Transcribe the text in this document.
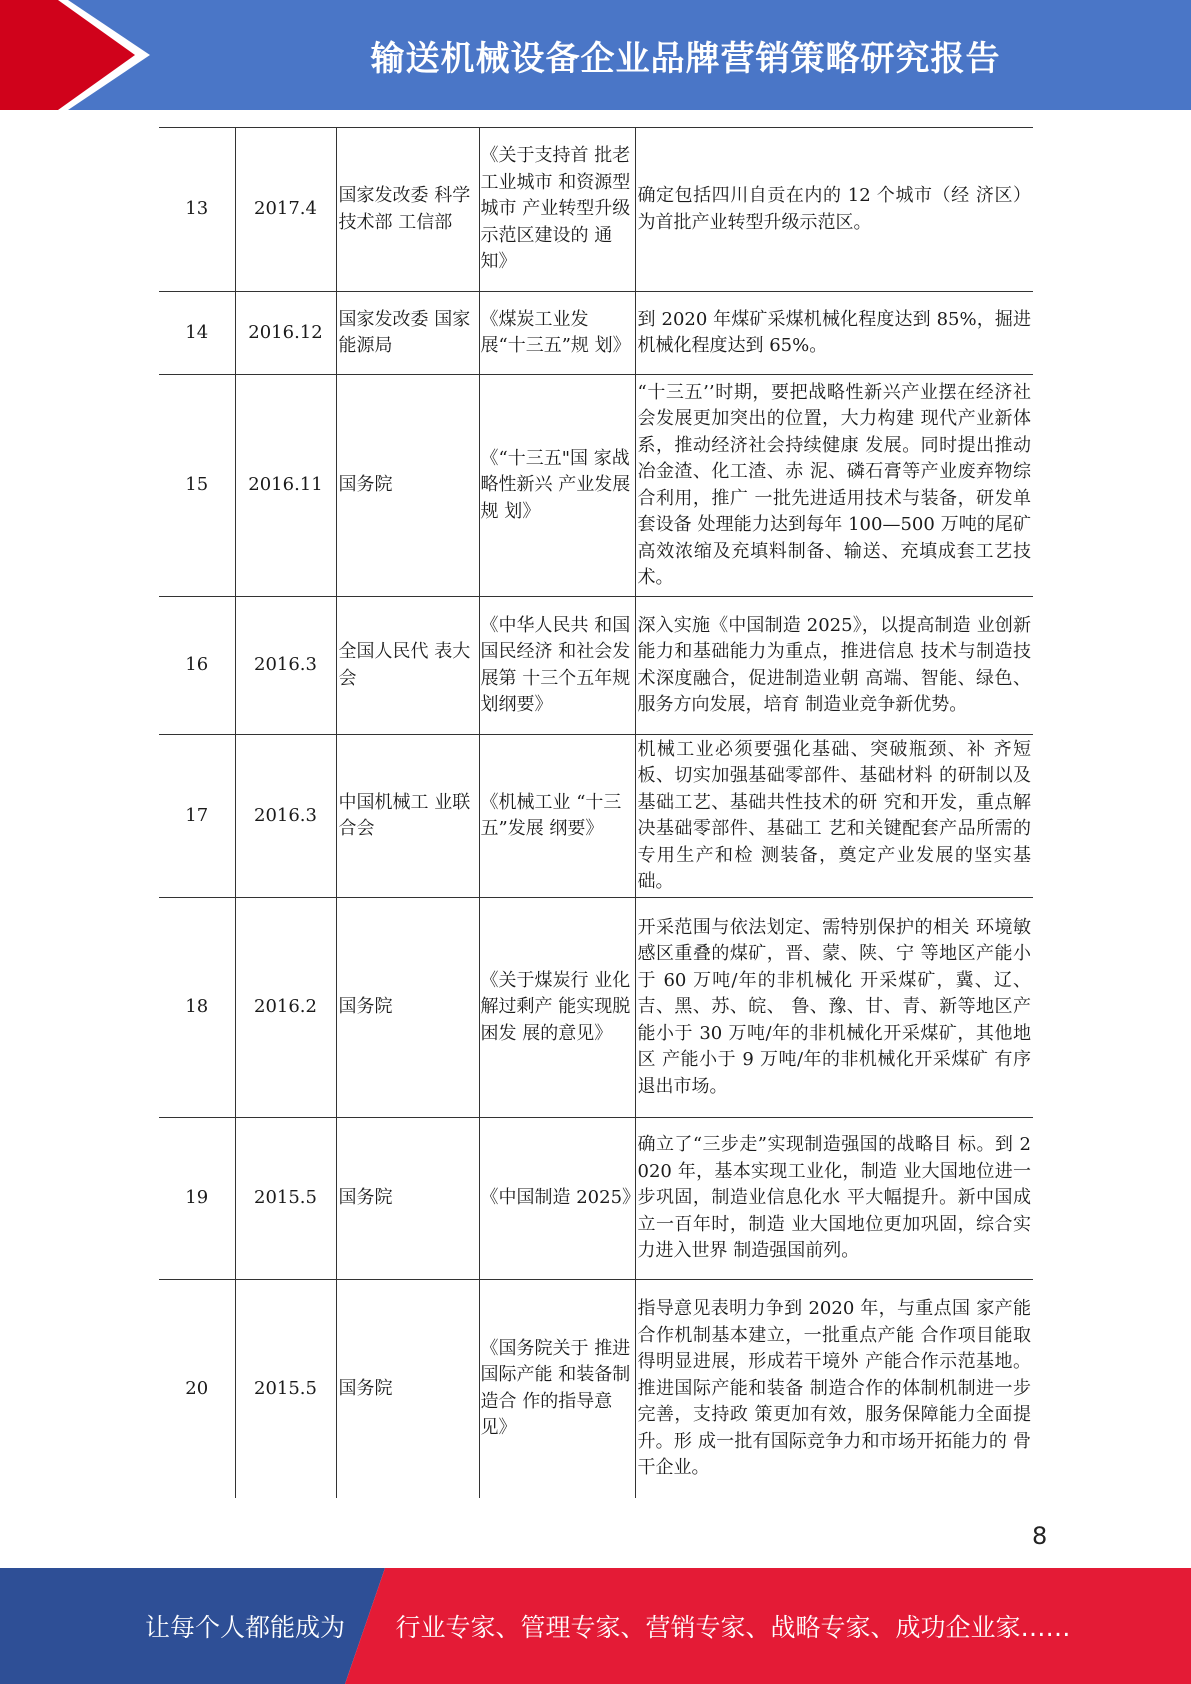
输送机械设备企业品牌营销策略研究报告
13	2017.4	国家发改委 科学技术部 工信部	《关于支持首 批老工业城市 和资源型城市 产业转型升级 示范区建设的 通知》	确定包括四川自贡在内的 12 个城市（经 济区）为首批产业转型升级示范区。
14	2016.12	国家发改委 国家能源局	《煤炭工业发 展“十三五”规 划》	到 2020 年煤矿采煤机械化程度达到 85%，掘进机械化程度达到 65%。
15	2016.11	国务院	《“十三五"国 家战略性新兴 产业发展规 划》	“十三五’’时期，要把战略性新兴产业摆在经济社会发展更加突出的位置，大力构建 现代产业新体系，推动经济社会持续健康 发展。同时提出推动冶金渣、化工渣、赤 泥、磷石膏等产业废弃物综合利用，推广 一批先进适用技术与装备，研发单套设备 处理能力达到每年 100—500 万吨的尾矿 高效浓缩及充填料制备、输送、充填成套工艺技术。
16	2016.3	全国人民代 表大会	《中华人民共 和国国民经济 和社会发展第 十三个五年规 划纲要》	深入实施《中国制造 2025》，以提高制造 业创新能力和基础能力为重点，推进信息 技术与制造技术深度融合，促进制造业朝 高端、智能、绿色、服务方向发展，培育 制造业竞争新优势。
17	2016.3	中国机械工 业联合会	《机械工业 “十三五”发展 纲要》	机械工业必须要强化基础、突破瓶颈、补 齐短板、切实加强基础零部件、基础材料 的研制以及基础工艺、基础共性技术的研 究和开发，重点解决基础零部件、基础工 艺和关键配套产品所需的专用生产和检 测装备，奠定产业发展的坚实基础。
18	2016.2	国务院	《关于煤炭行 业化解过剩产 能实现脱困发 展的意见》	开采范围与依法划定、需特别保护的相关 环境敏感区重叠的煤矿，晋、蒙、陕、宁 等地区产能小于 60 万吨/年的非机械化 开采煤矿，冀、辽、吉、黑、苏、皖、 鲁、豫、甘、青、新等地区产能小于 30 万吨/年的非机械化开采煤矿，其他地区 产能小于 9 万吨/年的非机械化开采煤矿 有序退出市场。
19	2015.5	国务院	《中国制造 2025》	确立了“三步走”实现制造强国的战略目 标。到 2020 年，基本实现工业化，制造 业大国地位进一步巩固，制造业信息化水 平大幅提升。新中国成立一百年时，制造 业大国地位更加巩固，综合实力进入世界 制造强国前列。
20	2015.5	国务院	《国务院关于 推进国际产能 和装备制造合 作的指导意 见》	指导意见表明力争到 2020 年，与重点国 家产能合作机制基本建立，一批重点产能 合作项目能取得明显进展，形成若干境外 产能合作示范基地。推进国际产能和装备 制造合作的体制机制进一步完善，支持政 策更加有效，服务保障能力全面提升。形 成一批有国际竞争力和市场开拓能力的 骨干企业。
8
让每个人都能成为	行业专家、管理专家、营销专家、战略专家、成功企业家……
